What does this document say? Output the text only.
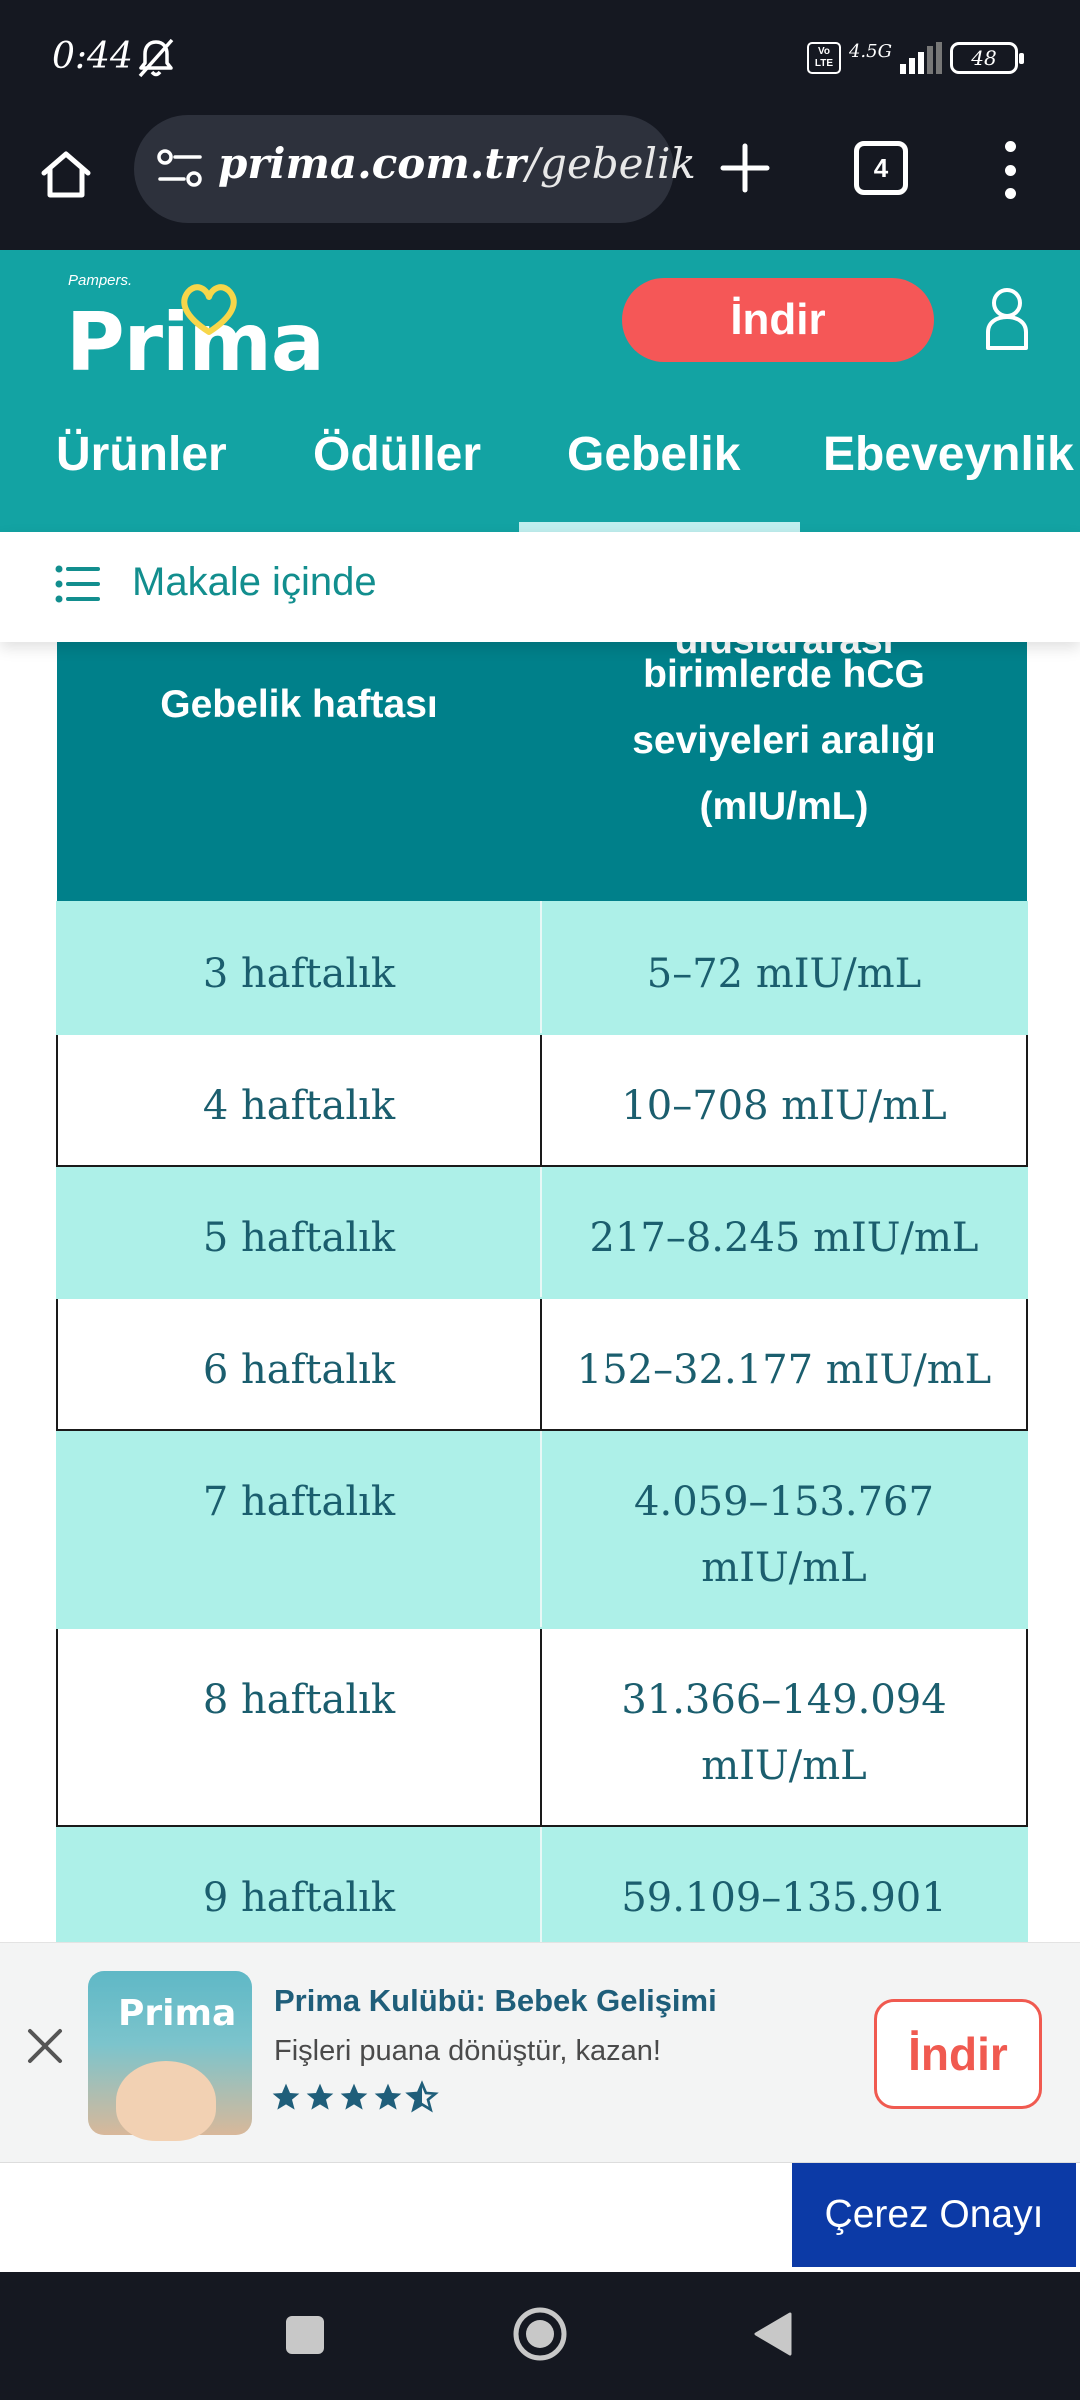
0:44	Vo LTE
4.5G	48
prima.com.tr/gebelik	4
Pampers.
Prima	İndir
Ürünler Ödüller Gebelik Ebeveynlik
Makale içinde
Gebelik haftası	birimlerde hCG seviyeleri aralığı (mIU/mL)

3 haftalık	5–72 mIU/mL
4 haftalık	10–708 mIU/mL
5 haftalık	217–8.245 mIU/mL
6 haftalık	152–32.177 mIU/mL
7 haftalık	4.059–153.767 mIU/mL
8 haftalık	31.366–149.094 mIU/mL
9 haftalık	59.109–135.901
Prima Prima Kulübü: Bebek Gelişimi
Fişleri puana dönüştür, kazan!	İndir
Çerez Onayı
